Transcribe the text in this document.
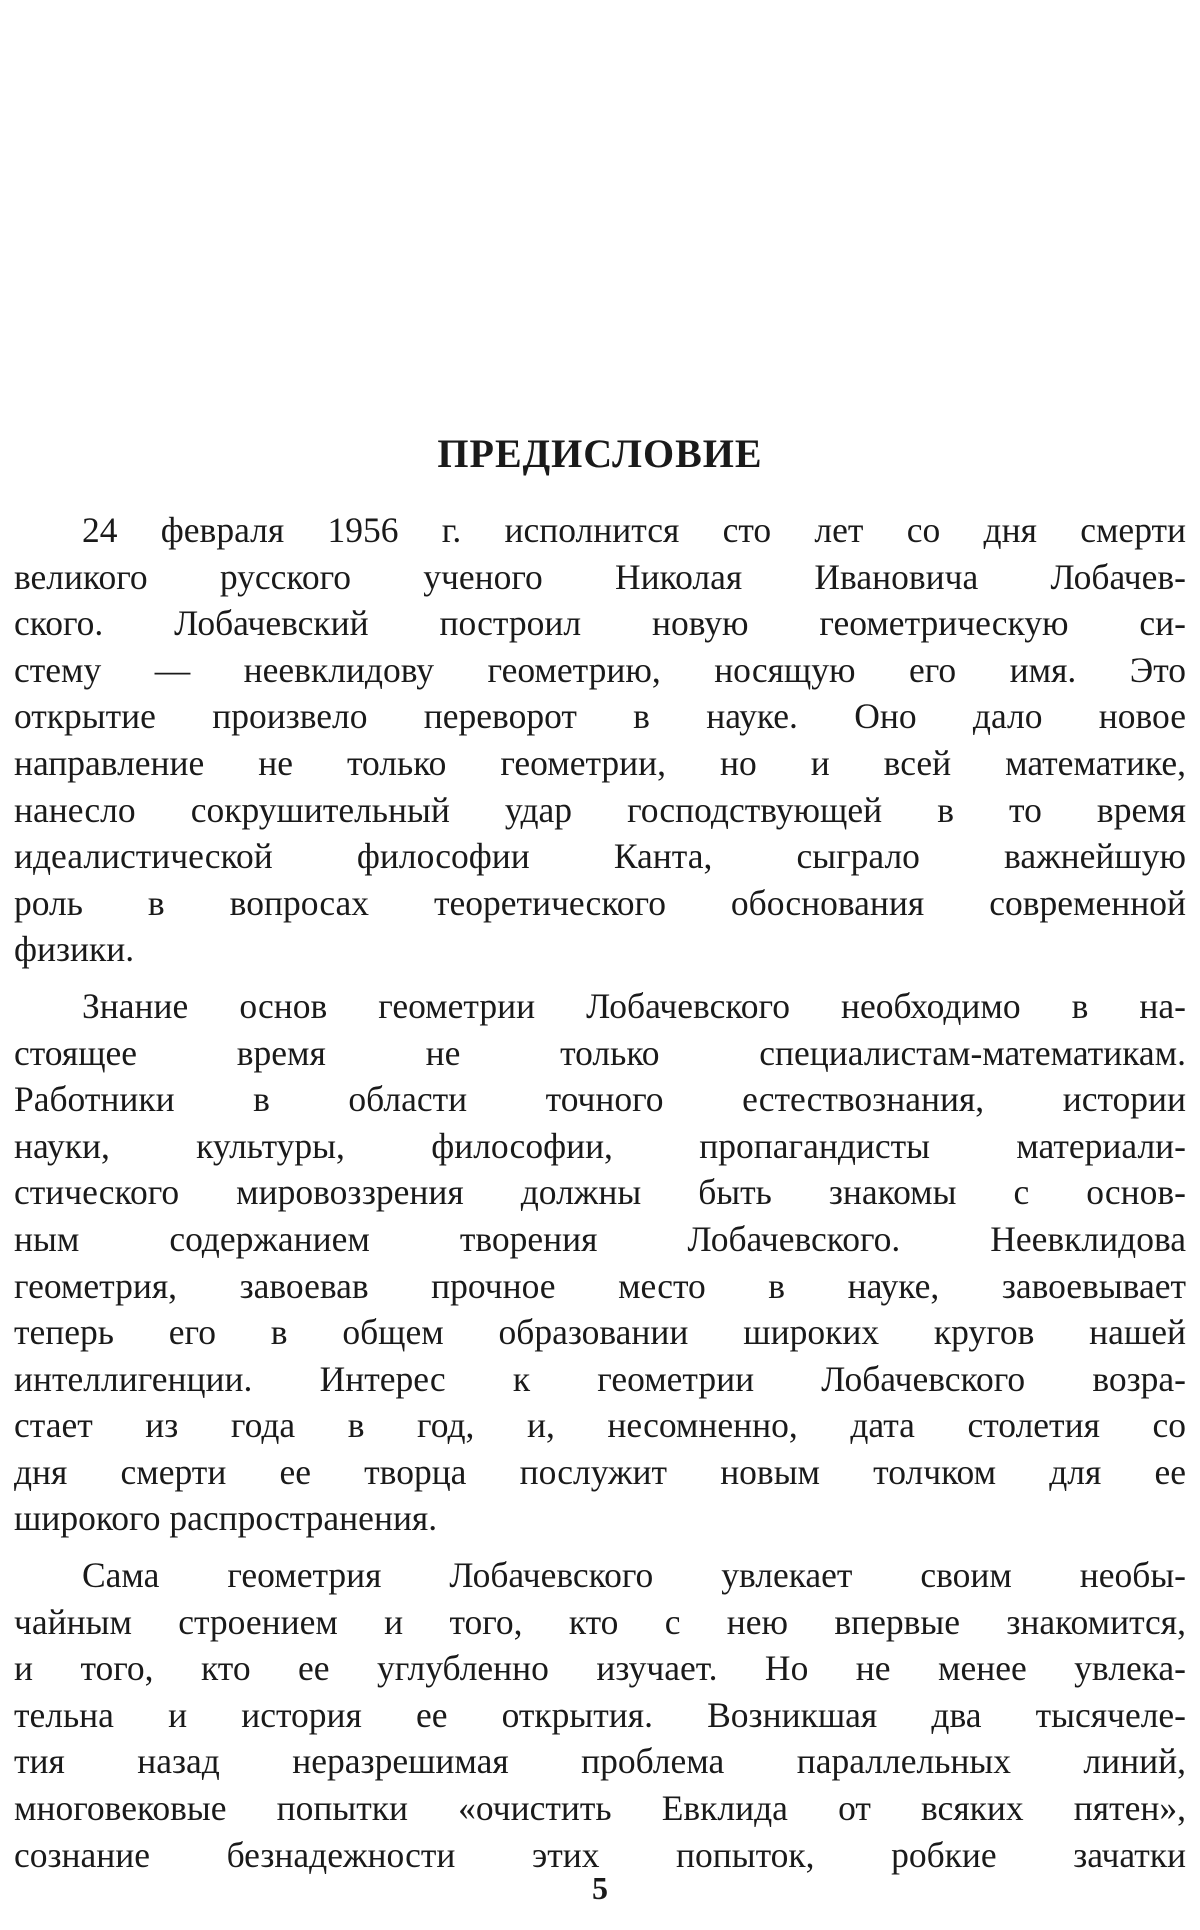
ПРЕДИСЛОВИЕ
24 февраля 1956 г. исполнится сто лет со дня смерти
великого русского ученого Николая Ивановича Лобачев-
ского. Лобачевский построил новую геометрическую си-
стему — неевклидову геометрию, носящую его имя. Это
открытие произвело переворот в науке. Оно дало новое
направление не только геометрии, но и всей математике,
нанесло сокрушительный удар господствующей в то время
идеалистической философии Канта, сыграло важнейшую
роль в вопросах теоретического обоснования современной
физики.
Знание основ геометрии Лобачевского необходимо в на-
стоящее время не только специалистам-математикам.
Работники в области точного естествознания, истории
науки, культуры, философии, пропагандисты материали-
стического мировоззрения должны быть знакомы с основ-
ным содержанием творения Лобачевского. Неевклидова
геометрия, завоевав прочное место в науке, завоевывает
теперь его в общем образовании широких кругов нашей
интеллигенции. Интерес к геометрии Лобачевского возра-
стает из года в год, и, несомненно, дата столетия со
дня смерти ее творца послужит новым толчком для ее
широкого распространения.
Сама геометрия Лобачевского увлекает своим необы-
чайным строением и того, кто с нею впервые знакомится,
и того, кто ее углубленно изучает. Но не менее увлека-
тельна и история ее открытия. Возникшая два тысячеле-
тия назад неразрешимая проблема параллельных линий,
многовековые попытки «очистить Евклида от всяких пятен»,
сознание безнадежности этих попыток, робкие зачатки
5
